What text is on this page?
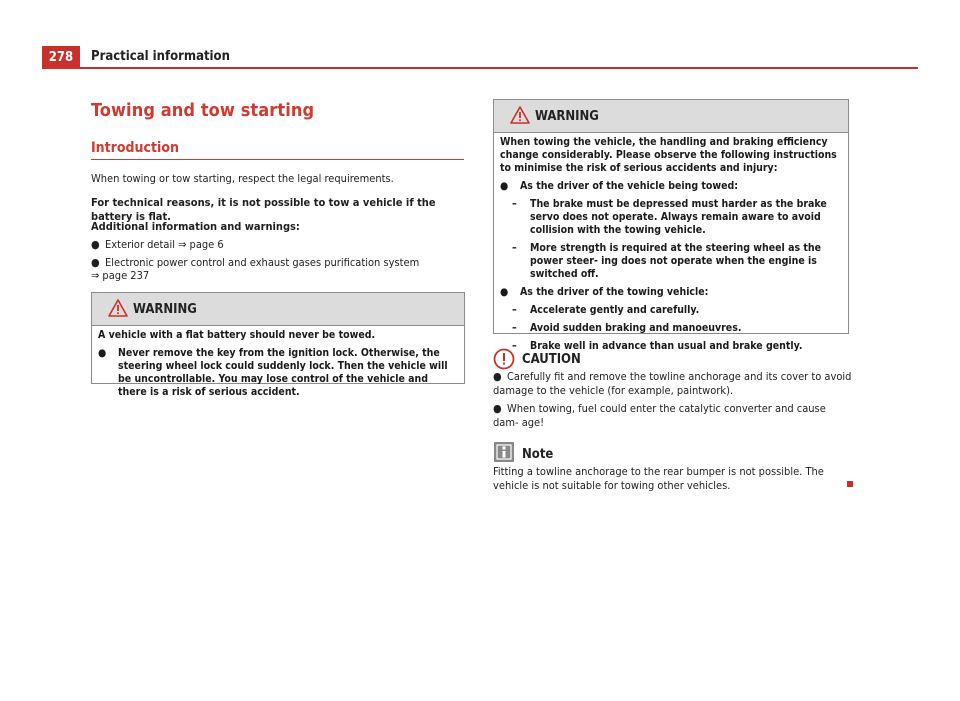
278	Practical information
Towing and tow starting
Introduction
When towing or tow starting, respect the legal requirements.
For technical reasons, it is not possible to tow a vehicle if the battery is flat.
Additional information and warnings:
● Exterior detail ⇒ page 6
● Electronic power control and exhaust gases purification system
⇒ page 237
WARNING

A vehicle with a flat battery should never be towed.

●	Never remove the key from the ignition lock. Otherwise, the steering wheel lock could suddenly lock. Then the vehicle will be uncontrollable. You may lose control of the vehicle and there is a risk of serious accident.
WARNING

When towing the vehicle, the handling and braking efficiency change considerably. Please observe the following instructions to minimise the risk of serious accidents and injury:

●	As the driver of the vehicle being towed:
–	The brake must be depressed must harder as the brake servo does not operate. Always remain aware to avoid collision with the towing vehicle.
–	More strength is required at the steering wheel as the power steer- ing does not operate when the engine is switched off.
●	As the driver of the towing vehicle:
–	Accelerate gently and carefully.
–	Avoid sudden braking and manoeuvres.
–	Brake well in advance than usual and brake gently.
CAUTION
● Carefully fit and remove the towline anchorage and its cover to avoid damage to the vehicle (for example, paintwork).
● When towing, fuel could enter the catalytic converter and cause dam- age!
Note
Fitting a towline anchorage to the rear bumper is not possible. The vehicle is not suitable for towing other vehicles.
